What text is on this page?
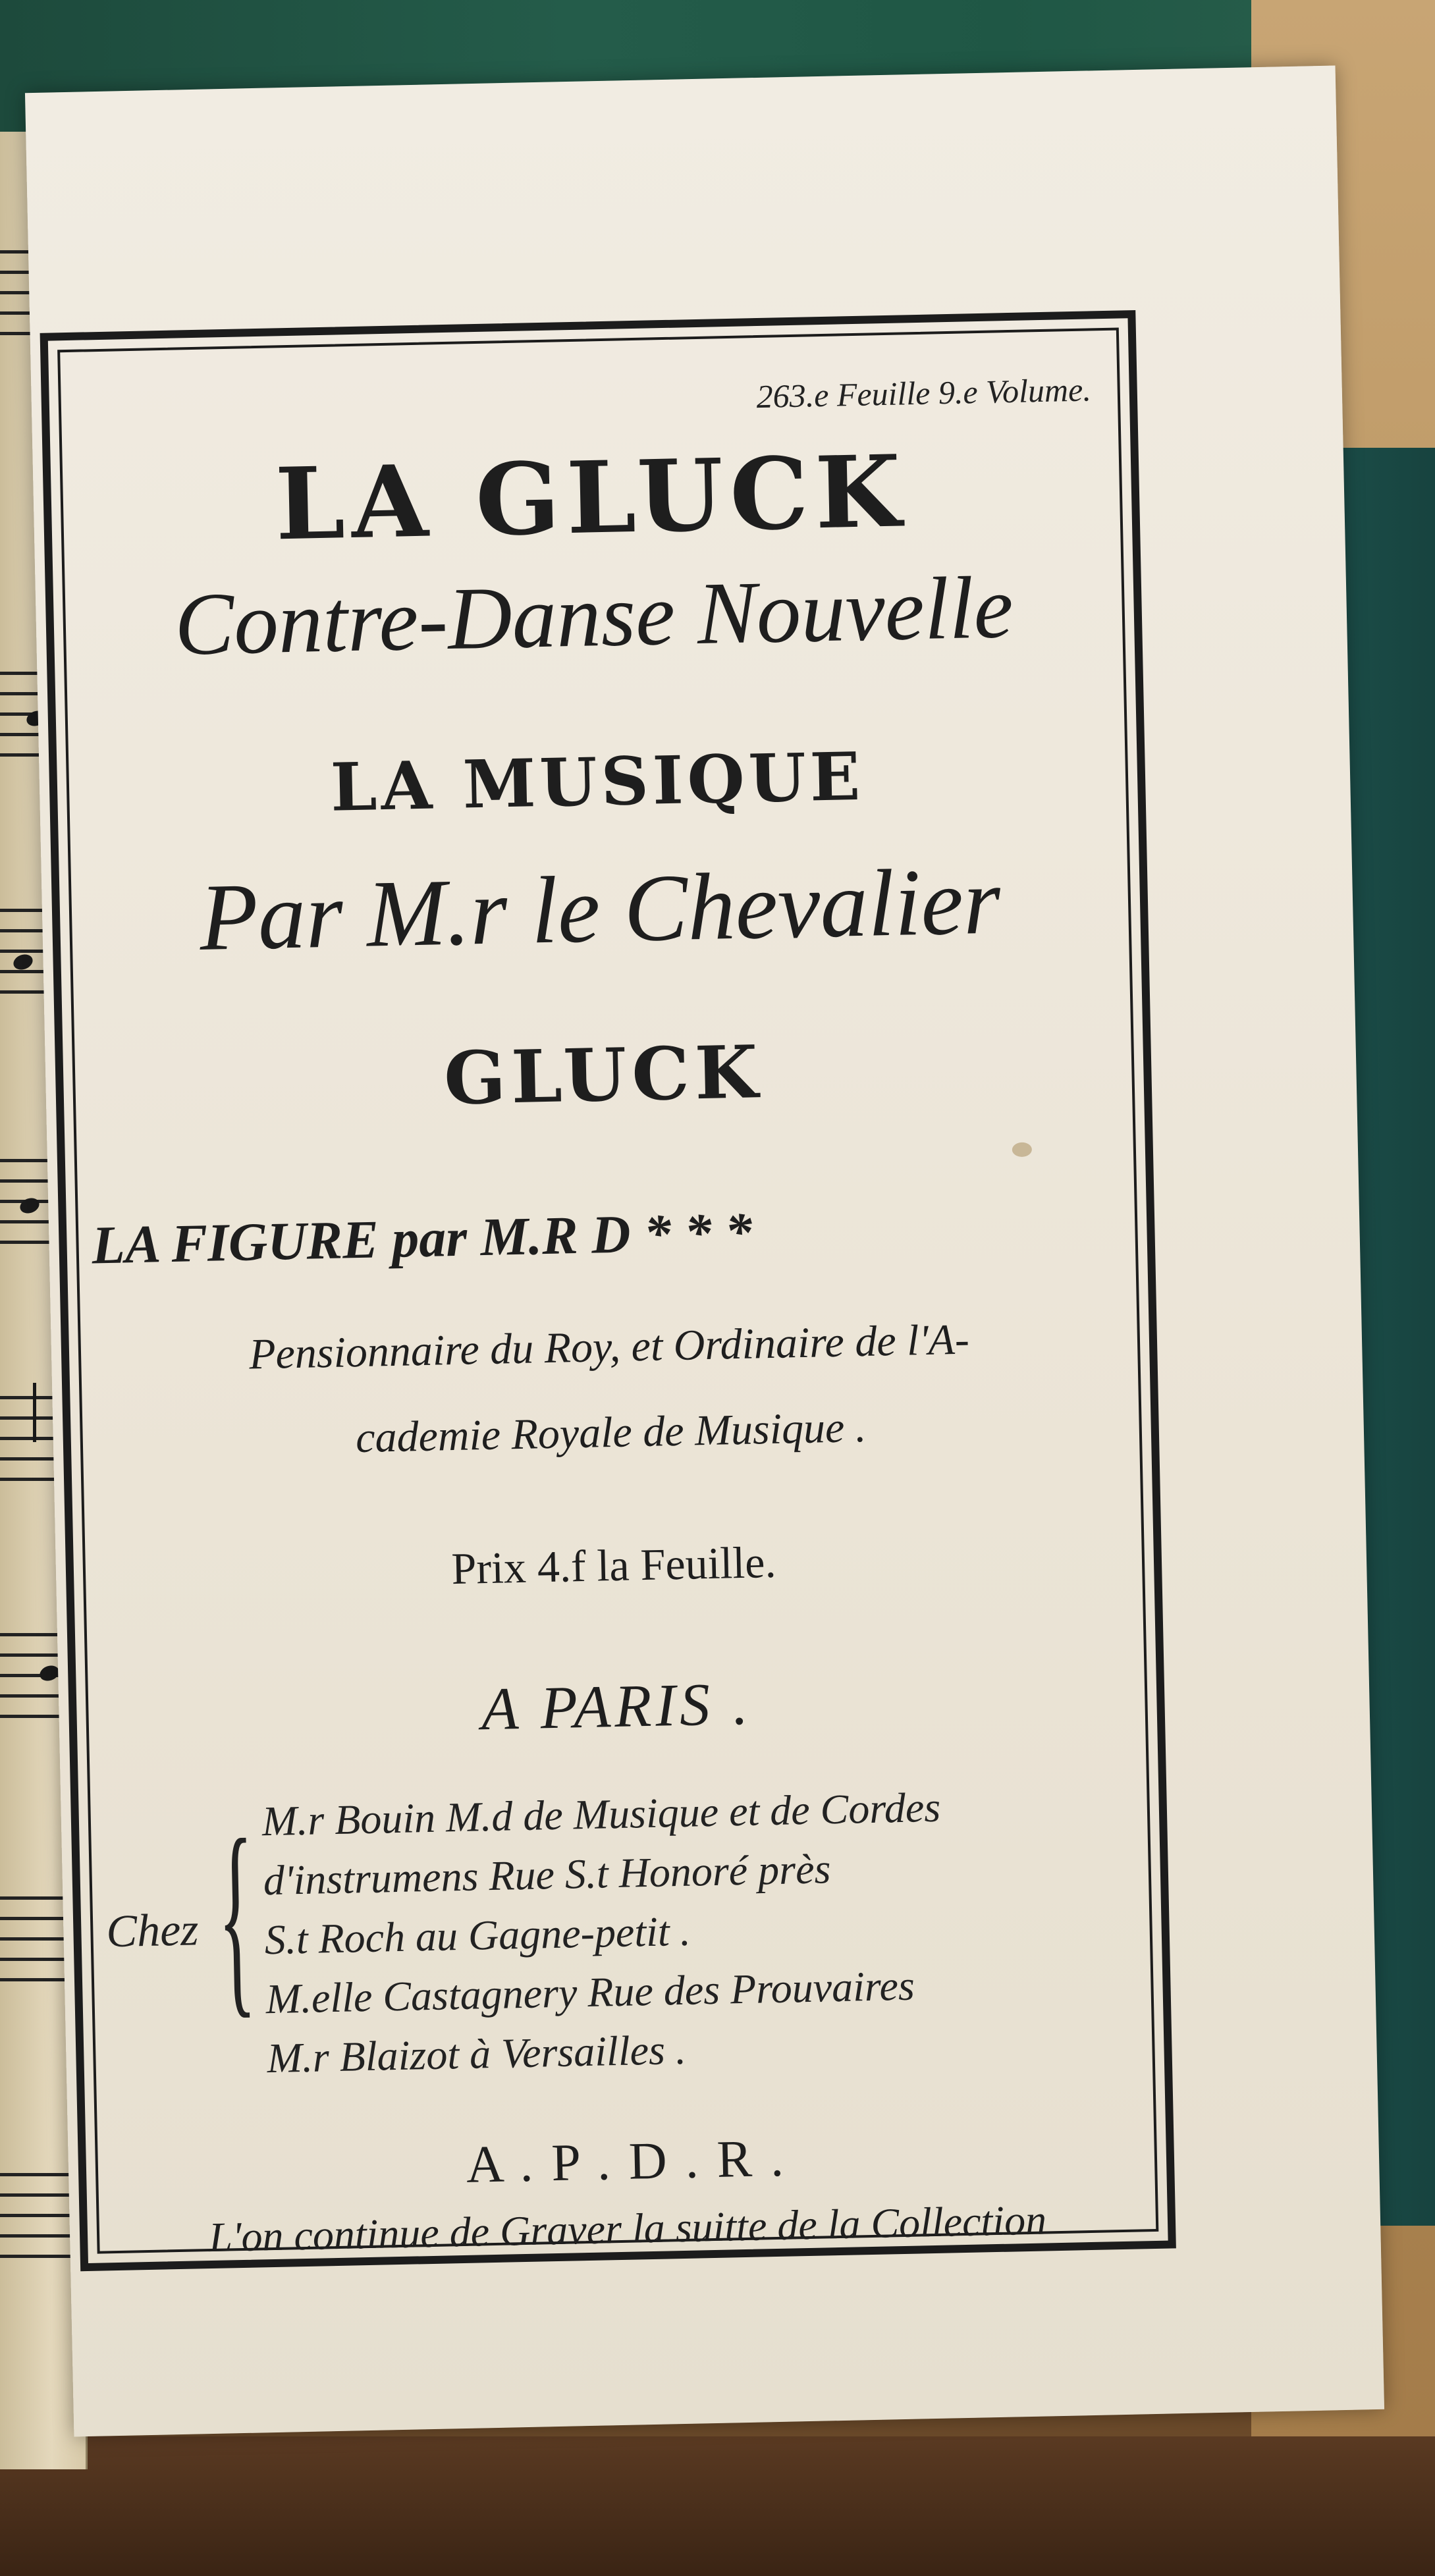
263.e Feuille 9.e Volume.
LA GLUCK
Contre-Danse Nouvelle
LA MUSIQUE
Par M.r le Chevalier
GLUCK
LA FIGURE par M.R D * * *
Pensionnaire du Roy, et Ordinaire de l'A-
cademie Royale de Musique .
Prix 4.f la Feuille.
A PARIS .
Chez { M.r Bouin M.d de Musique et de Cordes
d'instrumens Rue S.t Honoré près
S.t Roch au Gagne-petit .
M.elle Castagnery Rue des Prouvaires
M.r Blaizot à Versailles .
A . P . D . R .
L'on continue de Graver la suitte de la Collection
